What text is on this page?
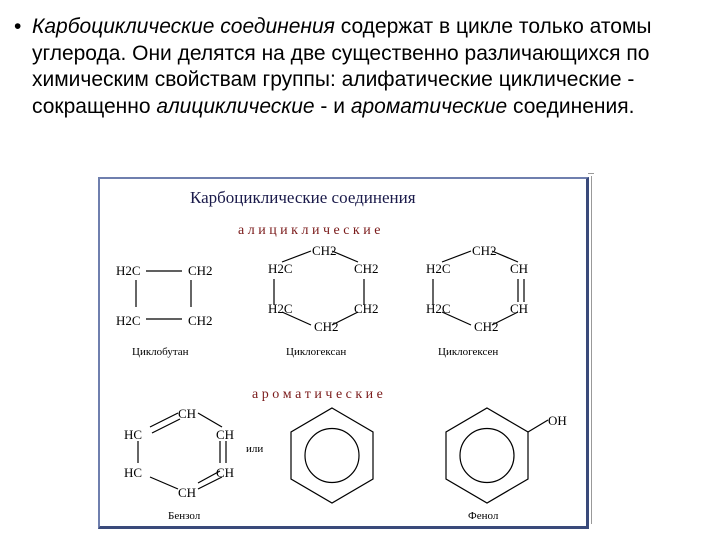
• Карбоциклические соединения содержат в цикле только атомы углерода. Они делятся на две существенно различающихся по химическим свойствам группы: алифатические циклические - сокращенно алициклические - и ароматические соединения.
Карбоциклические соединения
а л и ц и к л и ч е с к и е
а р о м а т и ч е с к и е
H2C	CH2
H2C	CH2
CH2
H2C	CH2
H2C	CH2
CH2
CH2
H2C	CH
H2C	CH
CH2
CH
HC	CH
HC	CH
CH
OH
Циклобутан	Циклогексан	Циклогексен
или
Бензол	Фенол
